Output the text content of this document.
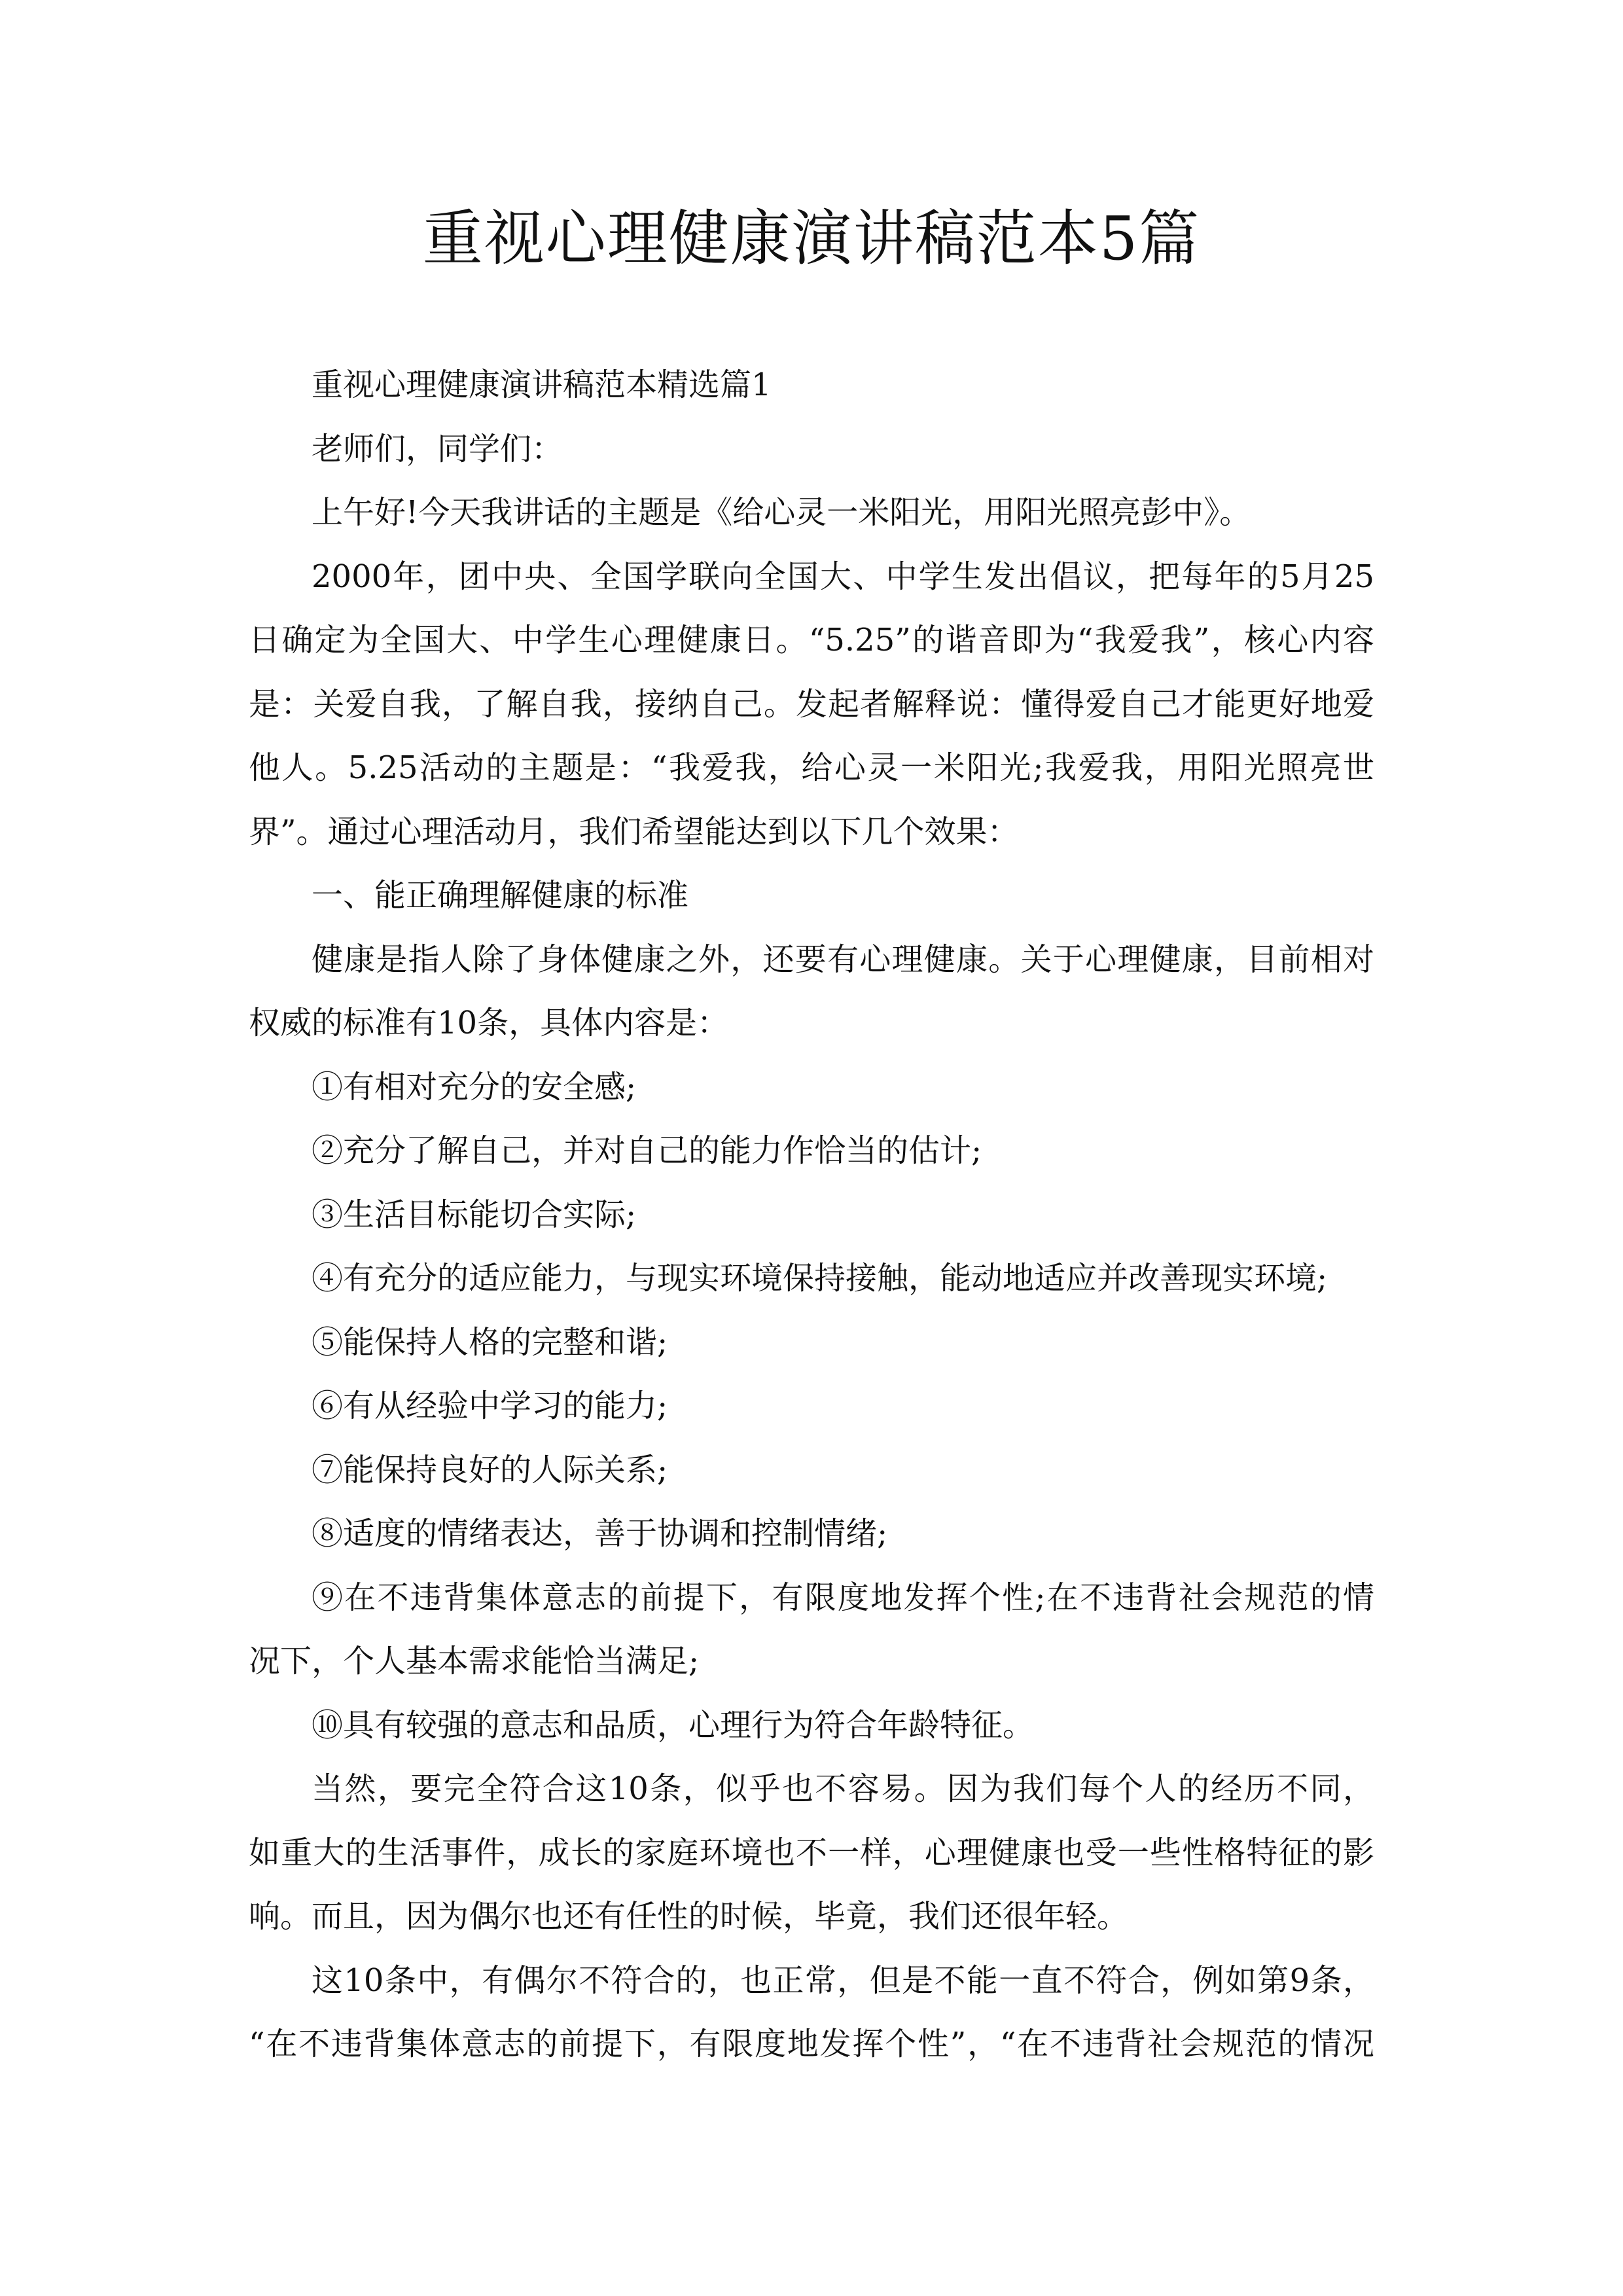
重视心理健康演讲稿范本5篇
重视心理健康演讲稿范本精选篇1
老师们，同学们：
上午好!今天我讲话的主题是《给心灵一米阳光，用阳光照亮彭中》。
2000年，团中央、全国学联向全国大、中学生发出倡议，把每年的5月25
日确定为全国大、中学生心理健康日。“5.25”的谐音即为“我爱我”，核心内容
是：关爱自我，了解自我，接纳自己。发起者解释说：懂得爱自己才能更好地爱
他人。5.25活动的主题是：“我爱我，给心灵一米阳光;我爱我，用阳光照亮世
界”。通过心理活动月，我们希望能达到以下几个效果：
一、能正确理解健康的标准
健康是指人除了身体健康之外，还要有心理健康。关于心理健康，目前相对
权威的标准有10条，具体内容是：
①有相对充分的安全感;
②充分了解自己，并对自己的能力作恰当的估计;
③生活目标能切合实际;
④有充分的适应能力，与现实环境保持接触，能动地适应并改善现实环境;
⑤能保持人格的完整和谐;
⑥有从经验中学习的能力;
⑦能保持良好的人际关系;
⑧适度的情绪表达，善于协调和控制情绪;
⑨在不违背集体意志的前提下，有限度地发挥个性;在不违背社会规范的情
况下，个人基本需求能恰当满足;
⑩具有较强的意志和品质，心理行为符合年龄特征。
当然，要完全符合这10条，似乎也不容易。因为我们每个人的经历不同，
如重大的生活事件，成长的家庭环境也不一样，心理健康也受一些性格特征的影
响。而且，因为偶尔也还有任性的时候，毕竟，我们还很年轻。
这10条中，有偶尔不符合的，也正常，但是不能一直不符合，例如第9条，
“在不违背集体意志的前提下，有限度地发挥个性”，“在不违背社会规范的情况
